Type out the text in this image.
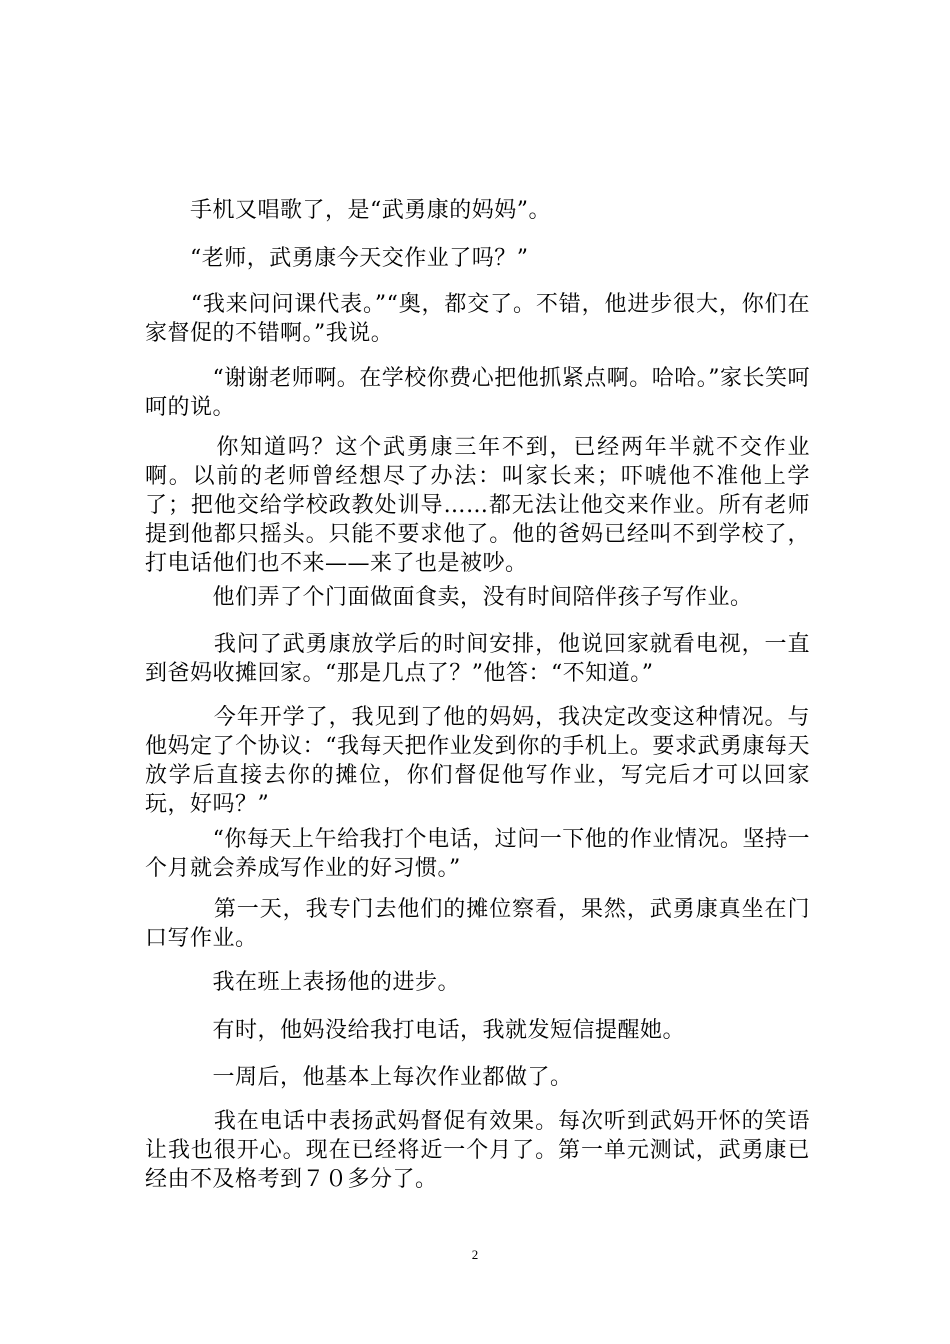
　　手机又唱歌了，是“武勇康的妈妈”。

　　“老师，武勇康今天交作业了吗？”

　　“我来问问课代表。”“奥，都交了。不错，他进步很大，你们在家督促的不错啊。”我说。

　　　“谢谢老师啊。在学校你费心把他抓紧点啊。哈哈。”家长笑呵呵的说。

　　　你知道吗？这个武勇康三年不到，已经两年半就不交作业啊。以前的老师曾经想尽了办法：叫家长来；吓唬他不准他上学了；把他交给学校政教处训导……都无法让他交来作业。所有老师提到他都只摇头。只能不要求他了。他的爸妈已经叫不到学校了，打电话他们也不来——来了也是被吵。

　　　他们弄了个门面做面食卖，没有时间陪伴孩子写作业。

　　　我问了武勇康放学后的时间安排，他说回家就看电视，一直到爸妈收摊回家。“那是几点了？”他答：“不知道。”

　　　今年开学了，我见到了他的妈妈，我决定改变这种情况。与他妈定了个协议：“我每天把作业发到你的手机上。要求武勇康每天放学后直接去你的摊位，你们督促他写作业，写完后才可以回家玩，好吗？”

　　　“你每天上午给我打个电话，过问一下他的作业情况。坚持一个月就会养成写作业的好习惯。”

　　　第一天，我专门去他们的摊位察看，果然，武勇康真坐在门口写作业。

　　　我在班上表扬他的进步。

　　　有时，他妈没给我打电话，我就发短信提醒她。

　　　一周后，他基本上每次作业都做了。

　　　我在电话中表扬武妈督促有效果。每次听到武妈开怀的笑语让我也很开心。现在已经将近一个月了。第一单元测试，武勇康已经由不及格考到７０多分了。

2
